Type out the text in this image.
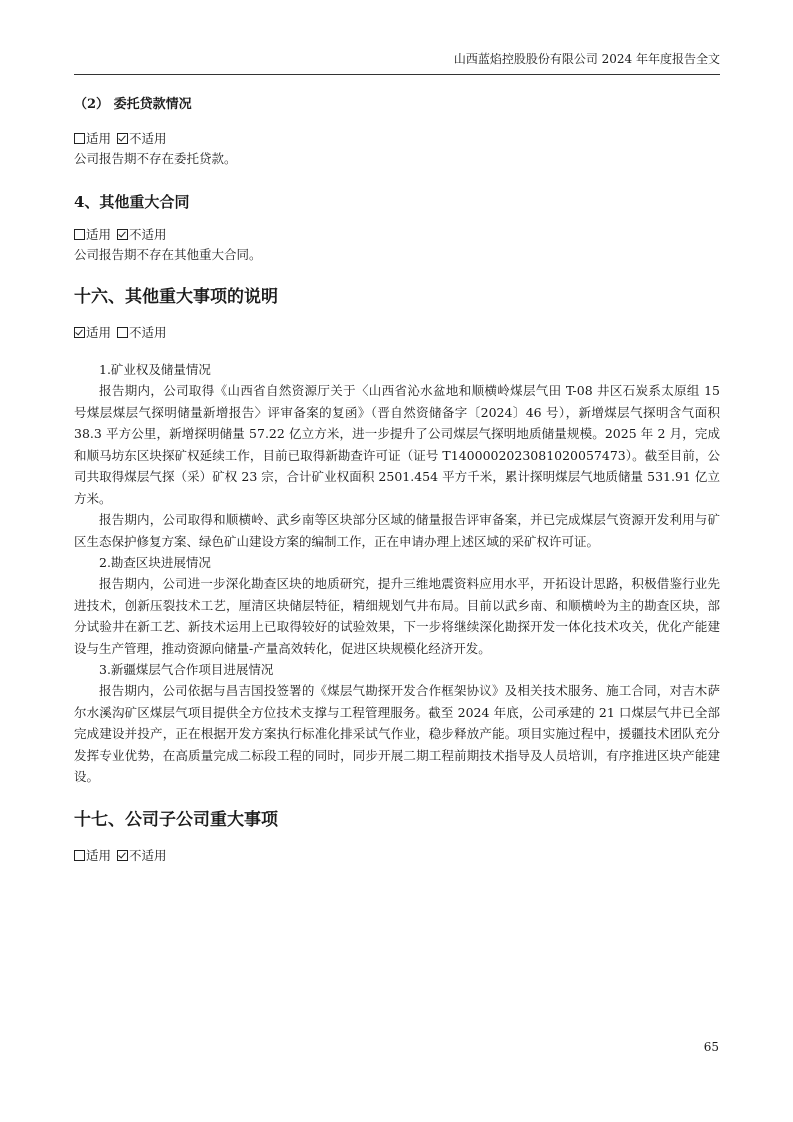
山西蓝焰控股股份有限公司 2024 年年度报告全文
（2） 委托贷款情况

适用 不适用

公司报告期不存在委托贷款。

4、其他重大合同

适用 不适用

公司报告期不存在其他重大合同。

十六、其他重大事项的说明

适用 不适用

1.矿业权及储量情况

报告期内，公司取得《山西省自然资源厅关于〈山西省沁水盆地和顺横岭煤层气田 T-08 井区石炭系太原组 15 号煤层煤层气探明储量新增报告〉评审备案的复函》（晋自然资储备字〔2024〕46 号），新增煤层气探明含气面积 38.3 平方公里，新增探明储量 57.22 亿立方米，进一步提升了公司煤层气探明地质储量规模。2025 年 2 月，完成和顺马坊东区块探矿权延续工作，目前已取得新勘查许可证（证号 T1400002023081020057473）。截至目前，公司共取得煤层气探（采）矿权 23 宗，合计矿业权面积 2501.454 平方千米，累计探明煤层气地质储量 531.91 亿立方米。

报告期内，公司取得和顺横岭、武乡南等区块部分区域的储量报告评审备案，并已完成煤层气资源开发利用与矿区生态保护修复方案、绿色矿山建设方案的编制工作，正在申请办理上述区域的采矿权许可证。

2.勘查区块进展情况

报告期内，公司进一步深化勘查区块的地质研究，提升三维地震资料应用水平，开拓设计思路，积极借鉴行业先进技术，创新压裂技术工艺，厘清区块储层特征，精细规划气井布局。目前以武乡南、和顺横岭为主的勘查区块，部分试验井在新工艺、新技术运用上已取得较好的试验效果，下一步将继续深化勘探开发一体化技术攻关，优化产能建设与生产管理，推动资源向储量-产量高效转化，促进区块规模化经济开发。

3.新疆煤层气合作项目进展情况

报告期内，公司依据与昌吉国投签署的《煤层气勘探开发合作框架协议》及相关技术服务、施工合同，对吉木萨尔水溪沟矿区煤层气项目提供全方位技术支撑与工程管理服务。截至 2024 年底，公司承建的 21 口煤层气井已全部完成建设并投产，正在根据开发方案执行标准化排采试气作业，稳步释放产能。项目实施过程中，援疆技术团队充分发挥专业优势，在高质量完成二标段工程的同时，同步开展二期工程前期技术指导及人员培训，有序推进区块产能建设。

十七、公司子公司重大事项

适用 不适用

65
